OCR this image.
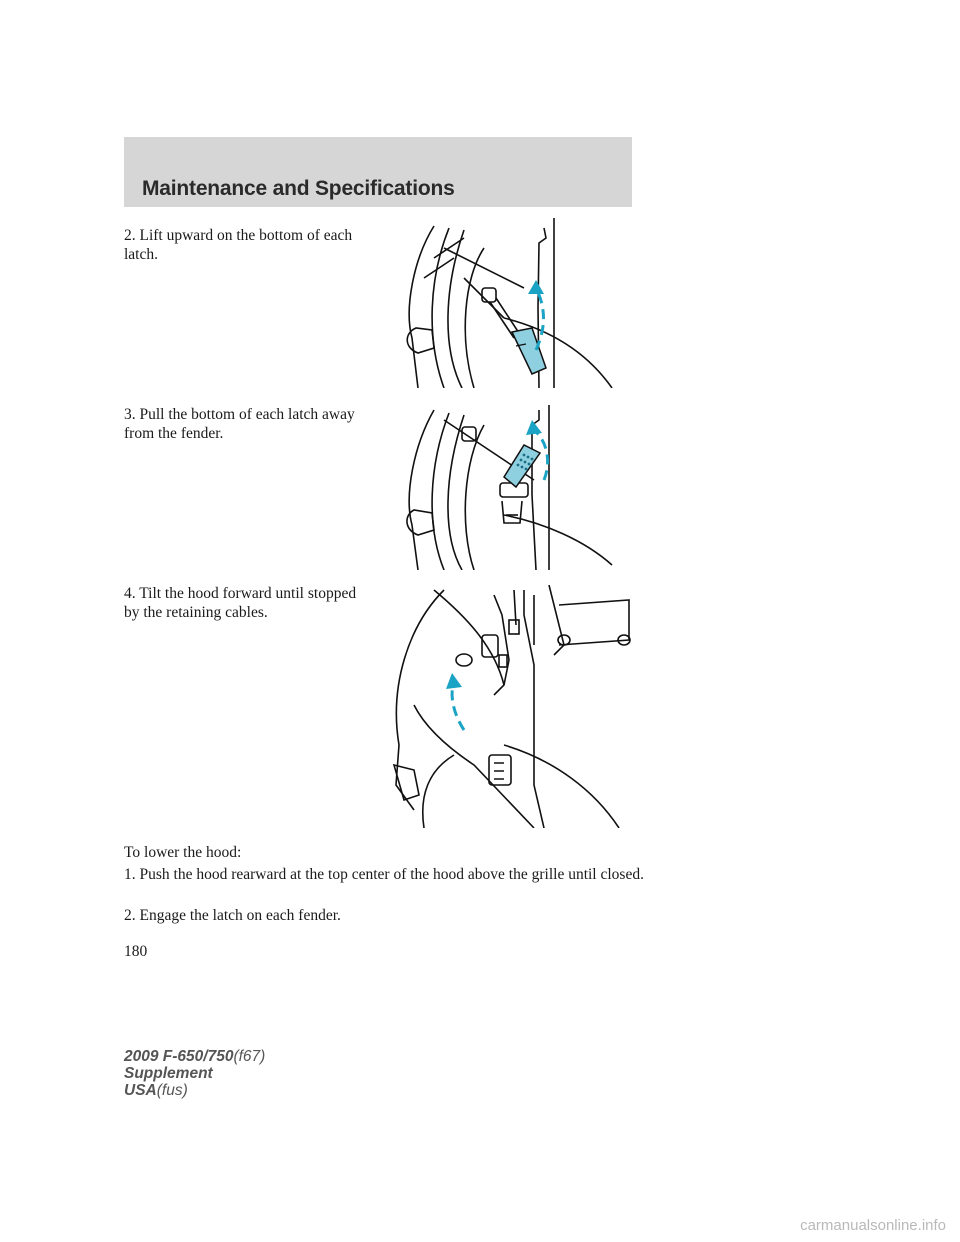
Maintenance and Specifications

2. Lift upward on the bottom of each latch.

3. Pull the bottom of each latch away from the fender.

4. Tilt the hood forward until stopped by the retaining cables.

To lower the hood:

1. Push the hood rearward at the top center of the hood above the grille until closed.

2. Engage the latch on each fender.

180

2009 F-650/750(f67)
Supplement
USA(fus)
carmanualsonline.info
